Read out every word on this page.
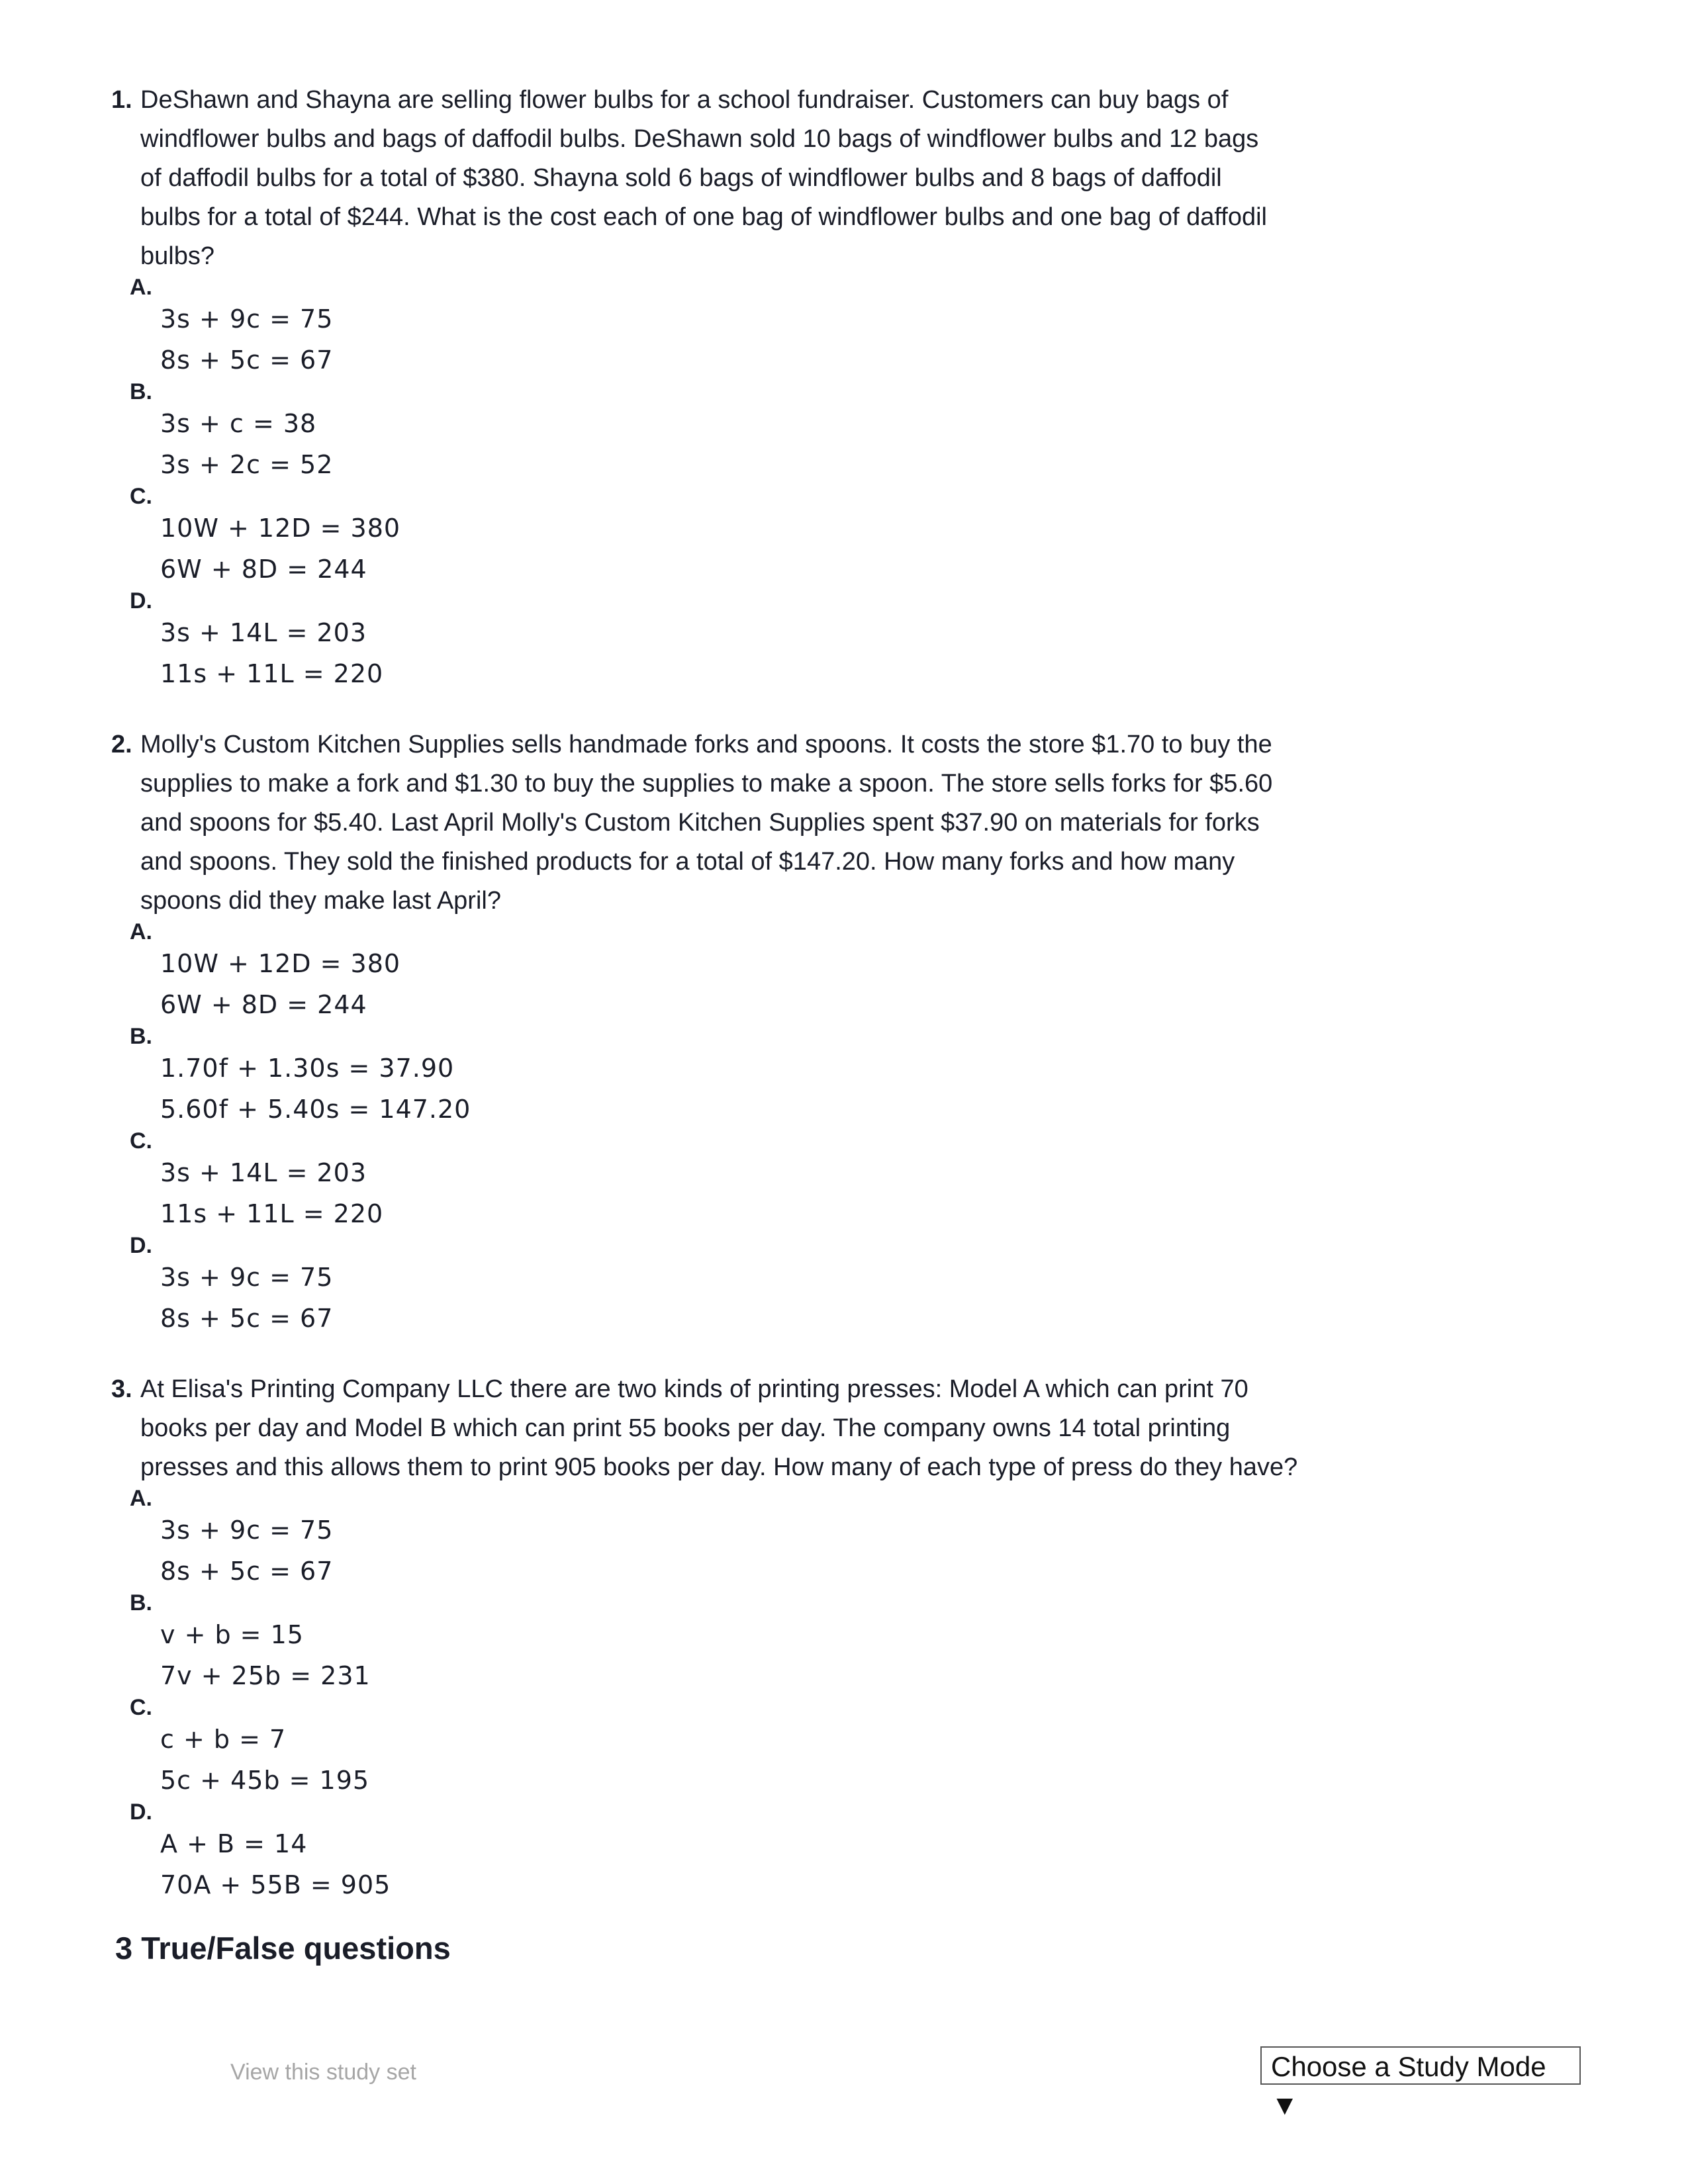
1. DeShawn and Shayna are selling flower bulbs for a school fundraiser. Customers can buy bags of
windflower bulbs and bags of daffodil bulbs. DeShawn sold 10 bags of windflower bulbs and 12 bags
of daffodil bulbs for a total of $380. Shayna sold 6 bags of windflower bulbs and 8 bags of daffodil
bulbs for a total of $244. What is the cost each of one bag of windflower bulbs and one bag of daffodil
bulbs?
A.
3s + 9c = 75
8s + 5c = 67
B.
3s + c = 38
3s + 2c = 52
C.
10W + 12D = 380
6W + 8D = 244
D.
3s + 14L = 203
11s + 11L = 220
2. Molly's Custom Kitchen Supplies sells handmade forks and spoons. It costs the store $1.70 to buy the
supplies to make a fork and $1.30 to buy the supplies to make a spoon. The store sells forks for $5.60
and spoons for $5.40. Last April Molly's Custom Kitchen Supplies spent $37.90 on materials for forks
and spoons. They sold the finished products for a total of $147.20. How many forks and how many
spoons did they make last April?
A.
10W + 12D = 380
6W + 8D = 244
B.
1.70f + 1.30s = 37.90
5.60f + 5.40s = 147.20
C.
3s + 14L = 203
11s + 11L = 220
D.
3s + 9c = 75
8s + 5c = 67
3. At Elisa's Printing Company LLC there are two kinds of printing presses: Model A which can print 70
books per day and Model B which can print 55 books per day. The company owns 14 total printing
presses and this allows them to print 905 books per day. How many of each type of press do they have?
A.
3s + 9c = 75
8s + 5c = 67
B.
v + b = 15
7v + 25b = 231
C.
c + b = 7
5c + 45b = 195
D.
A + B = 14
70A + 55B = 905
3 True/False questions
View this study set	Choose a Study Mode ▼
